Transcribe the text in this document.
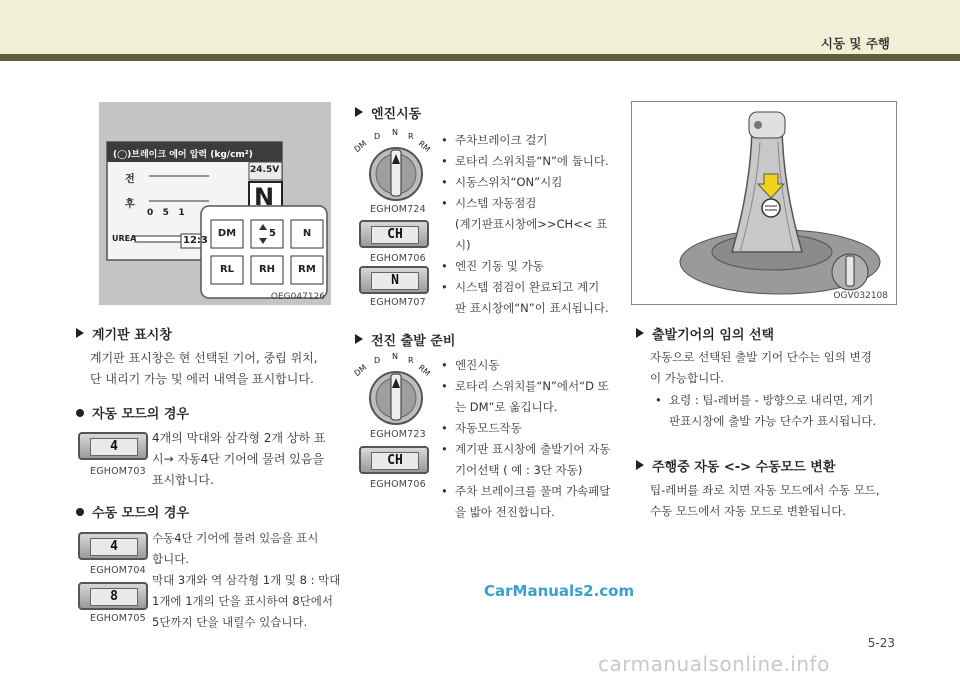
시동 및 주행
(◯)브레이크 에어 압력 (kg/cm²)
24.5V
N
전
후
0   5   1
UREA	12:3
DM	5	N
RL	RH	RM
OEG047126
계기판 표시창
계기판 표시창은 현 선택된 기어, 중립 위치,
단 내리기 가능 및 에러 내역을 표시합니다.
자동 모드의 경우
4
EGHOM703
4개의 막대와 삼각형 2개 상하 표
시→ 자동4단 기어에 물려 있음을
표시합니다.
수동 모드의 경우
4
EGHOM704
8
EGHOM705
수동4단 기어에 물려 있음을 표시
합니다.
막대 3개와 역 삼각형 1개 및 8 : 막대
1개에 1개의 단을 표시하여 8단에서
5단까지 단을 내릴수 있습니다.
엔진시동
DM
D N R
RM
EGHOM724
CH
EGHOM706
N
EGHOM707
• 주차브레이크 걸기
• 로타리 스위치를“N”에 둡니다.
• 시동스위치“ON”시킴
• 시스템 자동점검
(계기판표시창에>>CH<< 표시)
• 엔진 기동 및 가동
• 시스템 점검이 완료되고 계기
판 표시창에“N”이 표시됩니다.
전진 출발 준비
DM
D N R
RM
EGHOM723
CH
EGHOM706
• 엔진시동
• 로타리 스위치를“N”에서“D 또
는 DM”로 옮깁니다.
• 자동모드작동
• 계기판 표시창에 출발기어 자동
기어선택 ( 예 : 3단 자동)
• 주차 브레이크를 풀며 가속페달
을 밟아 전진합니다.
OGV032108
출발기어의 임의 선택
자동으로 선택된 출발 기어 단수는 임의 변경
이 가능합니다.
• 요령 : 팁-레버를 - 방향으로 내리면, 계기
판표시창에 출발 가능 단수가 표시됩니다.
주행중 자동 <-> 수동모드 변환
팁-레버를 좌로 치면 자동 모드에서 수동 모드,
수동 모드에서 자동 모드로 변환됩니다.
CarManuals2.com
5-23
carmanualsonline.info
